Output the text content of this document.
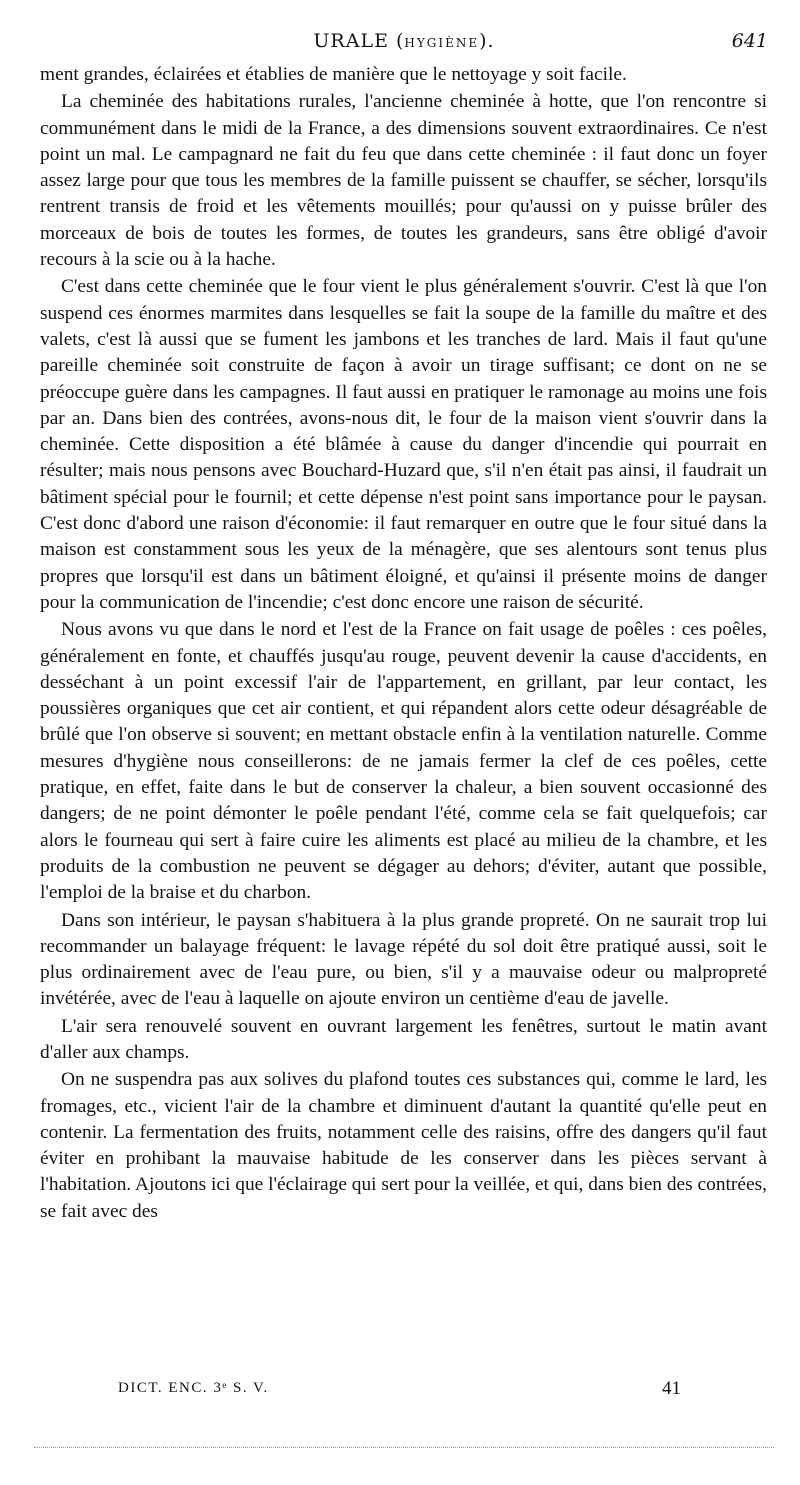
URALE (HYGIÈNE).	641

ment grandes, éclairées et établies de manière que le nettoyage y soit facile.

La cheminée des habitations rurales, l'ancienne cheminée à hotte, que l'on rencontre si communément dans le midi de la France, a des dimensions souvent extraordinaires. Ce n'est point un mal. Le campagnard ne fait du feu que dans cette cheminée : il faut donc un foyer assez large pour que tous les membres de la famille puissent se chauffer, se sécher, lorsqu'ils rentrent transis de froid et les vêtements mouillés; pour qu'aussi on y puisse brûler des morceaux de bois de toutes les formes, de toutes les grandeurs, sans être obligé d'avoir recours à la scie ou à la hache.

C'est dans cette cheminée que le four vient le plus généralement s'ouvrir. C'est là que l'on suspend ces énormes marmites dans lesquelles se fait la soupe de la famille du maître et des valets, c'est là aussi que se fument les jambons et les tranches de lard. Mais il faut qu'une pareille cheminée soit construite de façon à avoir un tirage suffisant; ce dont on ne se préoccupe guère dans les campagnes. Il faut aussi en pratiquer le ramonage au moins une fois par an. Dans bien des contrées, avons-nous dit, le four de la maison vient s'ouvrir dans la cheminée. Cette disposition a été blâmée à cause du danger d'incendie qui pourrait en résulter; mais nous pensons avec Bouchard-Huzard que, s'il n'en était pas ainsi, il faudrait un bâtiment spécial pour le fournil; et cette dépense n'est point sans importance pour le paysan. C'est donc d'abord une raison d'économie: il faut remarquer en outre que le four situé dans la maison est constamment sous les yeux de la ménagère, que ses alentours sont tenus plus propres que lorsqu'il est dans un bâtiment éloigné, et qu'ainsi il présente moins de danger pour la communication de l'incendie; c'est donc encore une raison de sécurité.

Nous avons vu que dans le nord et l'est de la France on fait usage de poêles : ces poêles, généralement en fonte, et chauffés jusqu'au rouge, peuvent devenir la cause d'accidents, en desséchant à un point excessif l'air de l'appartement, en grillant, par leur contact, les poussières organiques que cet air contient, et qui répandent alors cette odeur désagréable de brûlé que l'on observe si souvent; en mettant obstacle enfin à la ventilation naturelle. Comme mesures d'hygiène nous conseillerons: de ne jamais fermer la clef de ces poêles, cette pratique, en effet, faite dans le but de conserver la chaleur, a bien souvent occasionné des dangers; de ne point démonter le poêle pendant l'été, comme cela se fait quelquefois; car alors le fourneau qui sert à faire cuire les aliments est placé au milieu de la chambre, et les produits de la combustion ne peuvent se dégager au dehors; d'éviter, autant que possible, l'emploi de la braise et du charbon.

Dans son intérieur, le paysan s'habituera à la plus grande propreté. On ne saurait trop lui recommander un balayage fréquent: le lavage répété du sol doit être pratiqué aussi, soit le plus ordinairement avec de l'eau pure, ou bien, s'il y a mauvaise odeur ou malpropreté invétérée, avec de l'eau à laquelle on ajoute environ un centième d'eau de javelle.

L'air sera renouvelé souvent en ouvrant largement les fenêtres, surtout le matin avant d'aller aux champs.

On ne suspendra pas aux solives du plafond toutes ces substances qui, comme le lard, les fromages, etc., vicient l'air de la chambre et diminuent d'autant la quantité qu'elle peut en contenir. La fermentation des fruits, notamment celle des raisins, offre des dangers qu'il faut éviter en prohibant la mauvaise habitude de les conserver dans les pièces servant à l'habitation. Ajoutons ici que l'éclairage qui sert pour la veillée, et qui, dans bien des contrées, se fait avec des

DICT. ENC. 3ᵉ S. V.	41
